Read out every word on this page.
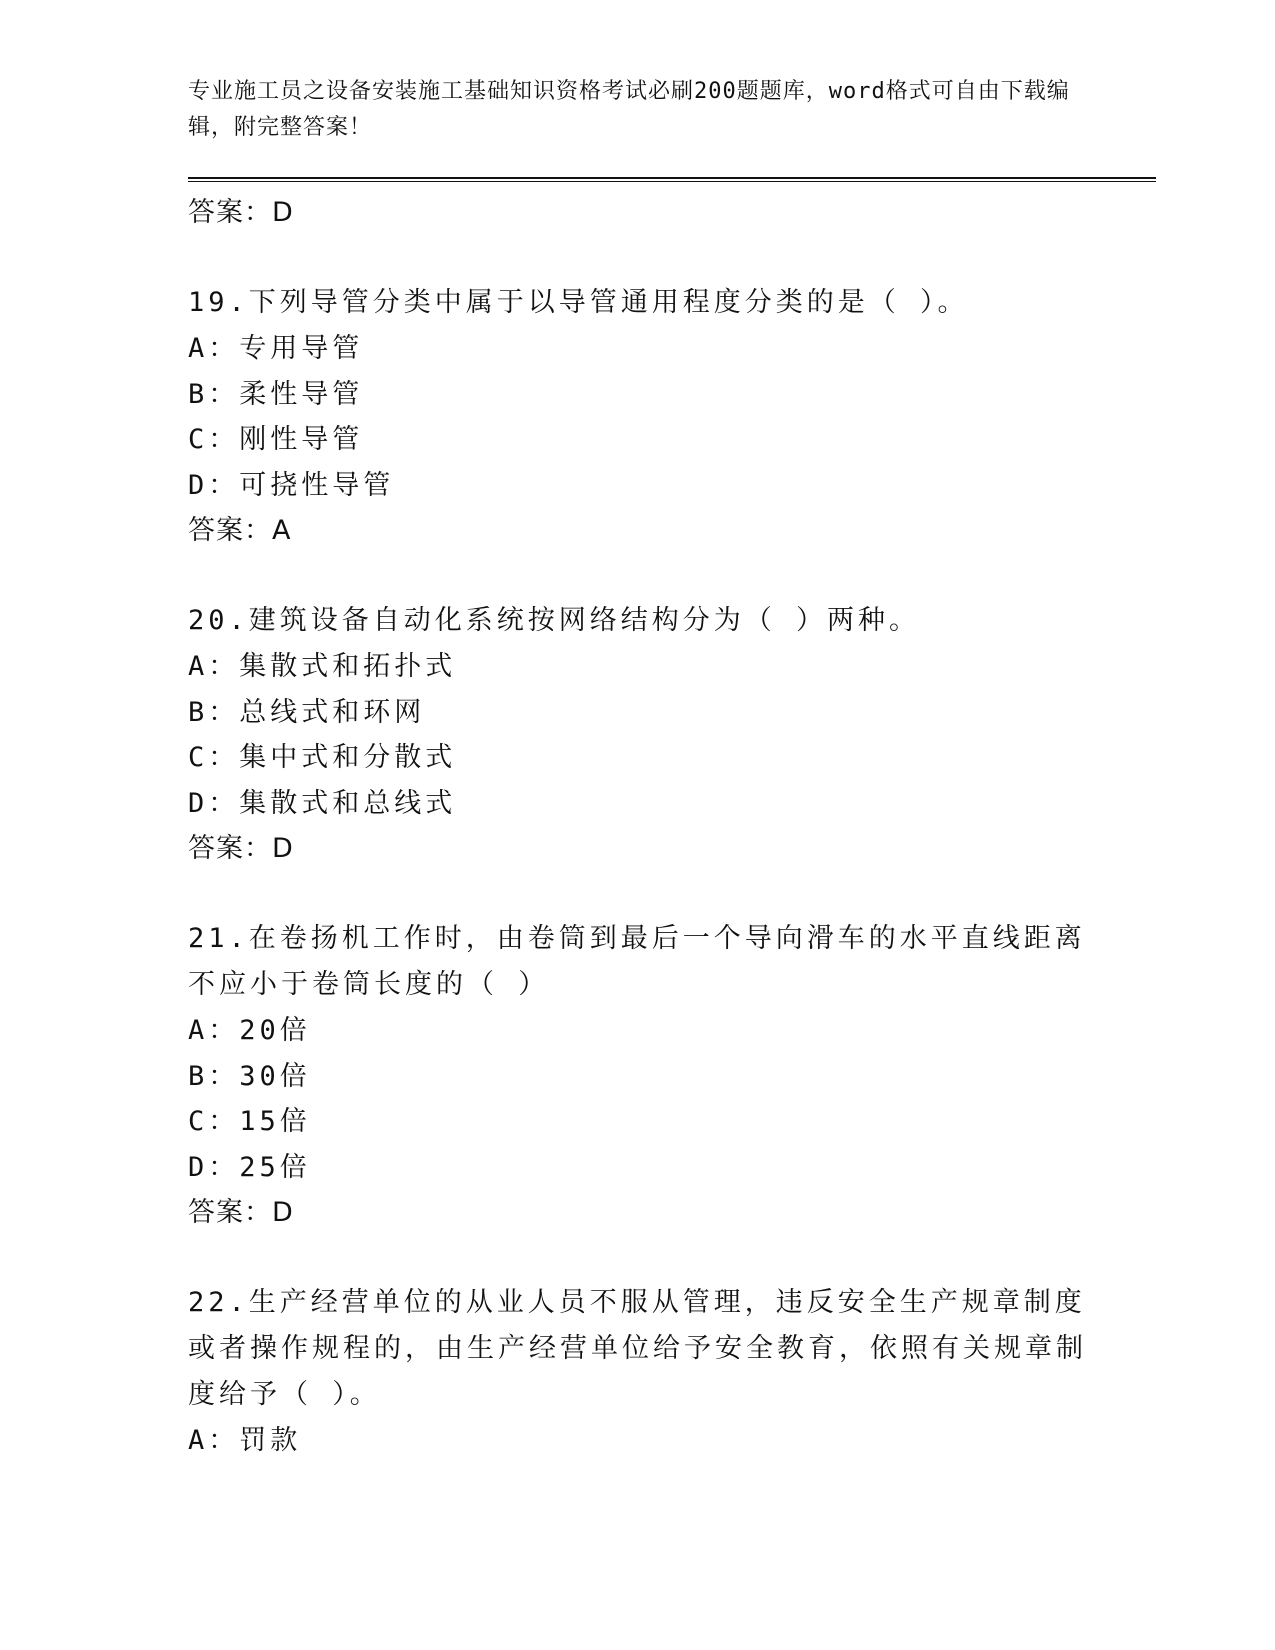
专业施工员之设备安装施工基础知识资格考试必刷200题题库，word格式可自由下载编辑，附完整答案！
答案：D
19.下列导管分类中属于以导管通用程度分类的是（ ）。
A：专用导管
B：柔性导管
C：刚性导管
D：可挠性导管
答案：A
20.建筑设备自动化系统按网络结构分为（ ）两种。
A：集散式和拓扑式
B：总线式和环网
C：集中式和分散式
D：集散式和总线式
答案：D
21.在卷扬机工作时，由卷筒到最后一个导向滑车的水平直线距离不应小于卷筒长度的（ ）
A：20倍
B：30倍
C：15倍
D：25倍
答案：D
22.生产经营单位的从业人员不服从管理，违反安全生产规章制度或者操作规程的，由生产经营单位给予安全教育，依照有关规章制度给予（ ）。
A：罚款
